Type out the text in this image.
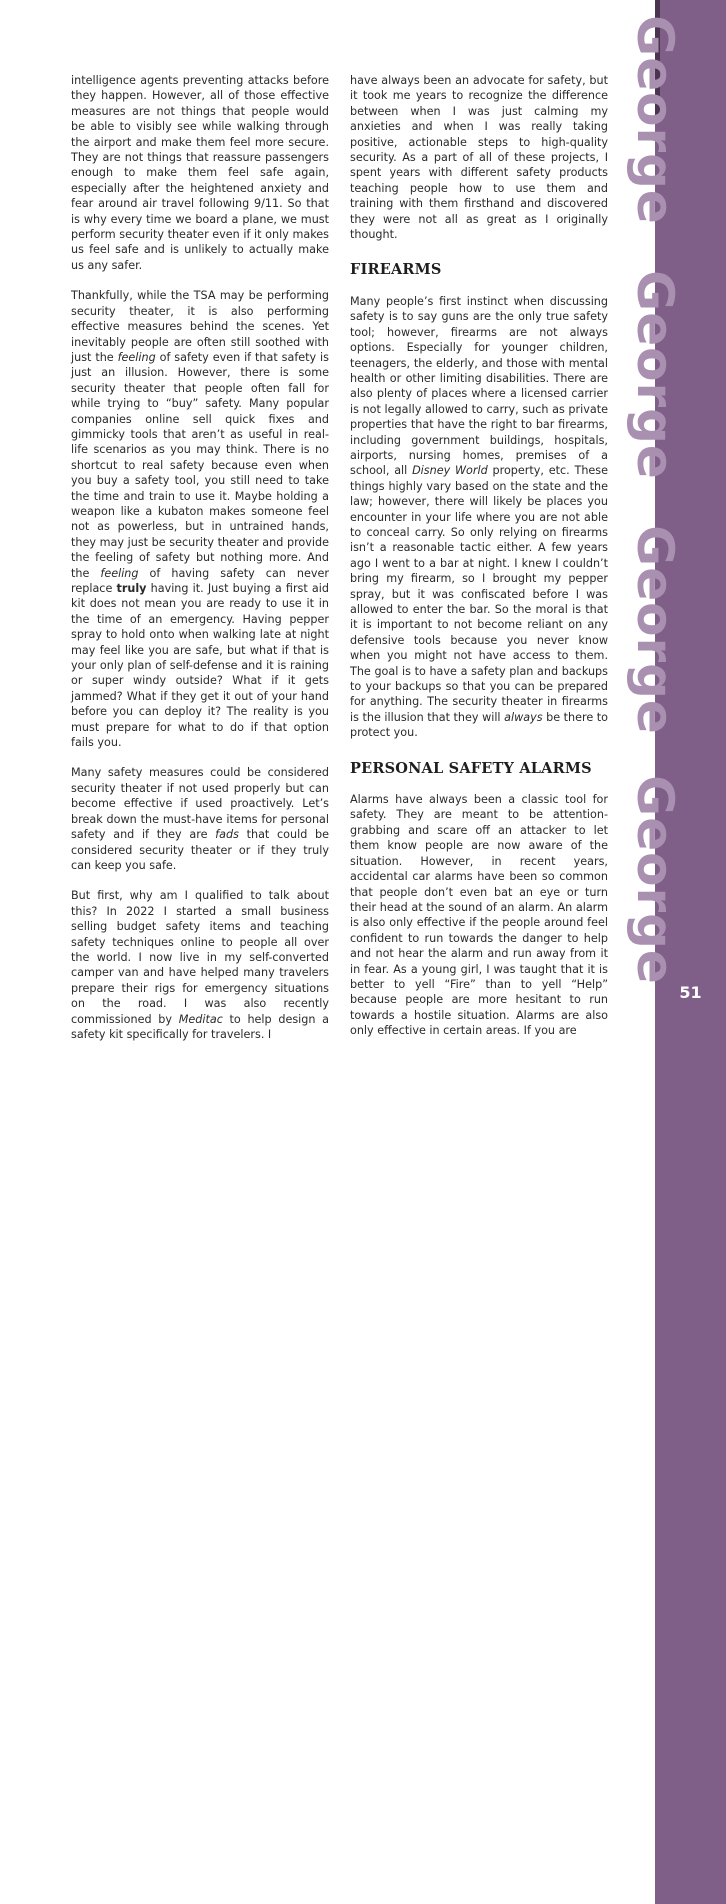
intelligence agents preventing attacks before they happen. However, all of those effective measures are not things that people would be able to visibly see while walking through the airport and make them feel more secure. They are not things that reassure passengers enough to make them feel safe again, especially after the heightened anxiety and fear around air travel following 9/11. So that is why every time we board a plane, we must perform security theater even if it only makes us feel safe and is unlikely to actually make us any safer.

Thankfully, while the TSA may be performing security theater, it is also performing effective measures behind the scenes. Yet inevitably people are often still soothed with just the feeling of safety even if that safety is just an illusion. However, there is some security theater that people often fall for while trying to “buy” safety. Many popular companies online sell quick fixes and gimmicky tools that aren’t as useful in real-life scenarios as you may think. There is no shortcut to real safety because even when you buy a safety tool, you still need to take the time and train to use it. Maybe holding a weapon like a kubaton makes someone feel not as powerless, but in untrained hands, they may just be security theater and provide the feeling of safety but nothing more. And the feeling of having safety can never replace truly having it. Just buying a first aid kit does not mean you are ready to use it in the time of an emergency. Having pepper spray to hold onto when walking late at night may feel like you are safe, but what if that is your only plan of self-defense and it is raining or super windy outside? What if it gets jammed? What if they get it out of your hand before you can deploy it? The reality is you must prepare for what to do if that option fails you.

Many safety measures could be considered security theater if not used properly but can become effective if used proactively. Let’s break down the must-have items for personal safety and if they are fads that could be considered security theater or if they truly can keep you safe.

But first, why am I qualified to talk about this? In 2022 I started a small business selling budget safety items and teaching safety techniques online to people all over the world. I now live in my self-converted camper van and have helped many travelers prepare their rigs for emergency situations on the road. I was also recently commissioned by Meditac to help design a safety kit specifically for travelers. I

have always been an advocate for safety, but it took me years to recognize the difference between when I was just calming my anxieties and when I was really taking positive, actionable steps to high-quality security. As a part of all of these projects, I spent years with different safety products teaching people how to use them and training with them firsthand and discovered they were not all as great as I originally thought.

FIREARMS

Many people’s first instinct when discussing safety is to say guns are the only true safety tool; however, firearms are not always options. Especially for younger children, teenagers, the elderly, and those with mental health or other limiting disabilities. There are also plenty of places where a licensed carrier is not legally allowed to carry, such as private properties that have the right to bar firearms, including government buildings, hospitals, airports, nursing homes, premises of a school, all Disney World property, etc. These things highly vary based on the state and the law; however, there will likely be places you encounter in your life where you are not able to conceal carry. So only relying on firearms isn’t a reasonable tactic either. A few years ago I went to a bar at night. I knew I couldn’t bring my firearm, so I brought my pepper spray, but it was confiscated before I was allowed to enter the bar. So the moral is that it is important to not become reliant on any defensive tools because you never know when you might not have access to them. The goal is to have a safety plan and backups to your backups so that you can be prepared for anything. The security theater in firearms is the illusion that they will always be there to protect you.

PERSONAL SAFETY ALARMS

Alarms have always been a classic tool for safety. They are meant to be attention-grabbing and scare off an attacker to let them know people are now aware of the situation. However, in recent years, accidental car alarms have been so common that people don’t even bat an eye or turn their head at the sound of an alarm. An alarm is also only effective if the people around feel confident to run towards the danger to help and not hear the alarm and run away from it in fear. As a young girl, I was taught that it is better to yell “Fire” than to yell “Help” because people are more hesitant to run towards a hostile situation. Alarms are also only effective in certain areas. If you are

George
George
George
George
51
